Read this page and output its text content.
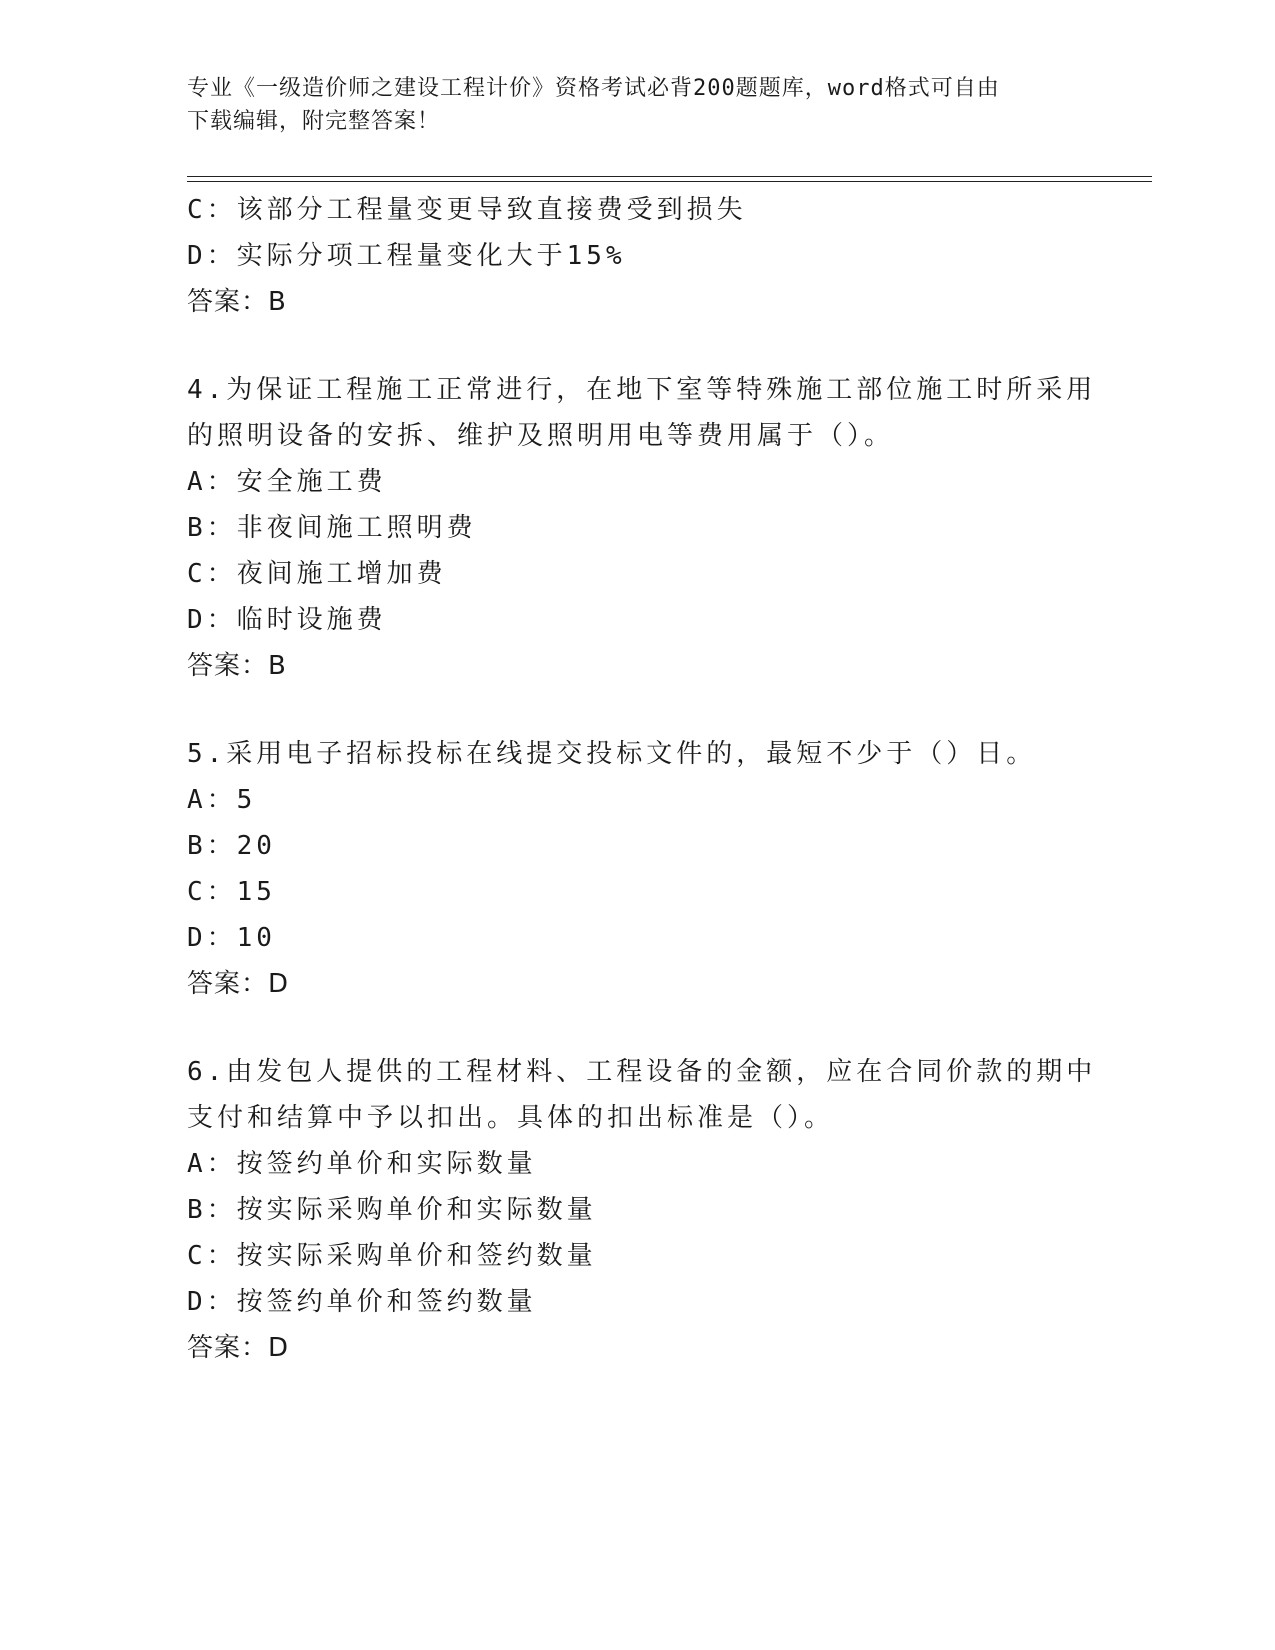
专业《一级造价师之建设工程计价》资格考试必背200题题库，word格式可自由
下载编辑，附完整答案！
C：该部分工程量变更导致直接费受到损失
D：实际分项工程量变化大于15%
答案：B
4.为保证工程施工正常进行，在地下室等特殊施工部位施工时所采用
的照明设备的安拆、维护及照明用电等费用属于（）。
A：安全施工费
B：非夜间施工照明费
C：夜间施工增加费
D：临时设施费
答案：B
5.采用电子招标投标在线提交投标文件的，最短不少于（）日。
A：5
B：20
C：15
D：10
答案：D
6.由发包人提供的工程材料、工程设备的金额，应在合同价款的期中
支付和结算中予以扣出。具体的扣出标准是（）。
A：按签约单价和实际数量
B：按实际采购单价和实际数量
C：按实际采购单价和签约数量
D：按签约单价和签约数量
答案：D
